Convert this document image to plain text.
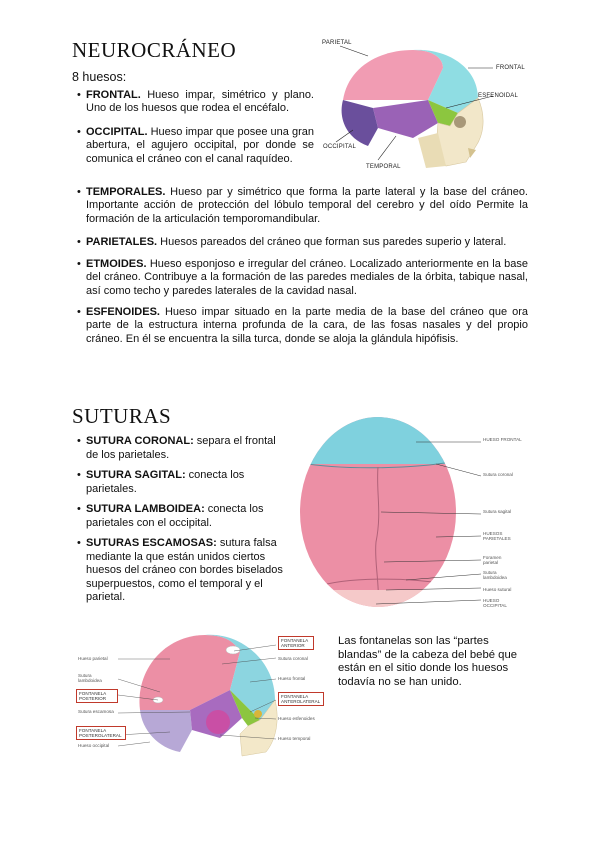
NEUROCRÁNEO
8 huesos:
• FRONTAL. Hueso impar, simétrico y plano. Uno de los huesos que rodea el encéfalo.
• OCCIPITAL. Hueso impar que posee una gran abertura, el agujero occipital, por donde se comunica el cráneo con el canal raquídeo.
• TEMPORALES. Hueso par y simétrico que forma la parte lateral y la base del cráneo. Importante acción de protección del lóbulo temporal del cerebro y del oído Permite la formación de la articulación temporomandibular.
• PARIETALES. Huesos pareados del cráneo que forman sus paredes superio y lateral.
• ETMOIDES. Hueso esponjoso e irregular del cráneo. Localizado anteriormente en la base del cráneo. Contribuye a la formación de las paredes mediales de la órbita, tabique nasal, así como techo y paredes laterales de la cavidad nasal.
• ESFENOIDES. Hueso impar situado en la parte media de la base del cráneo que ora parte de la estructura interna profunda de la cara, de las fosas nasales y del propio cráneo. En él se encuentra la silla turca, donde se aloja la glándula hipófisis.
PARIETAL
FRONTAL
ESFENOIDAL
OCCIPITAL
TEMPORAL
SUTURAS
• SUTURA CORONAL: separa el frontal de los parietales.
• SUTURA SAGITAL: conecta los parietales.
• SUTURA LAMBOIDEA: conecta los parietales con el occipital.
• SUTURAS ESCAMOSAS: sutura falsa mediante la que están unidos ciertos huesos del cráneo con bordes biselados superpuestos, como el temporal y el parietal.
HUESO FRONTAL
Sutura coronal
Sutura sagital
HUESOS PARIETALES
Foramen parietal
Sutura lambdoidea
Hueso sutural
HUESO OCCIPITAL
Hueso parietal
FONTANELA ANTERIOR
Sutura coronal
Sutura lambdoidea
FONTANELA POSTERIOR
Hueso frontal
FONTANELA ANTEROLATERAL
Sutura escamosa
Hueso esfenoides
FONTANELA POSTEROLATERAL
Hueso temporal
Hueso occipital
Las fontanelas son las “partes blandas” de la cabeza del bebé que están en el sitio donde los huesos todavía no se han unido.
